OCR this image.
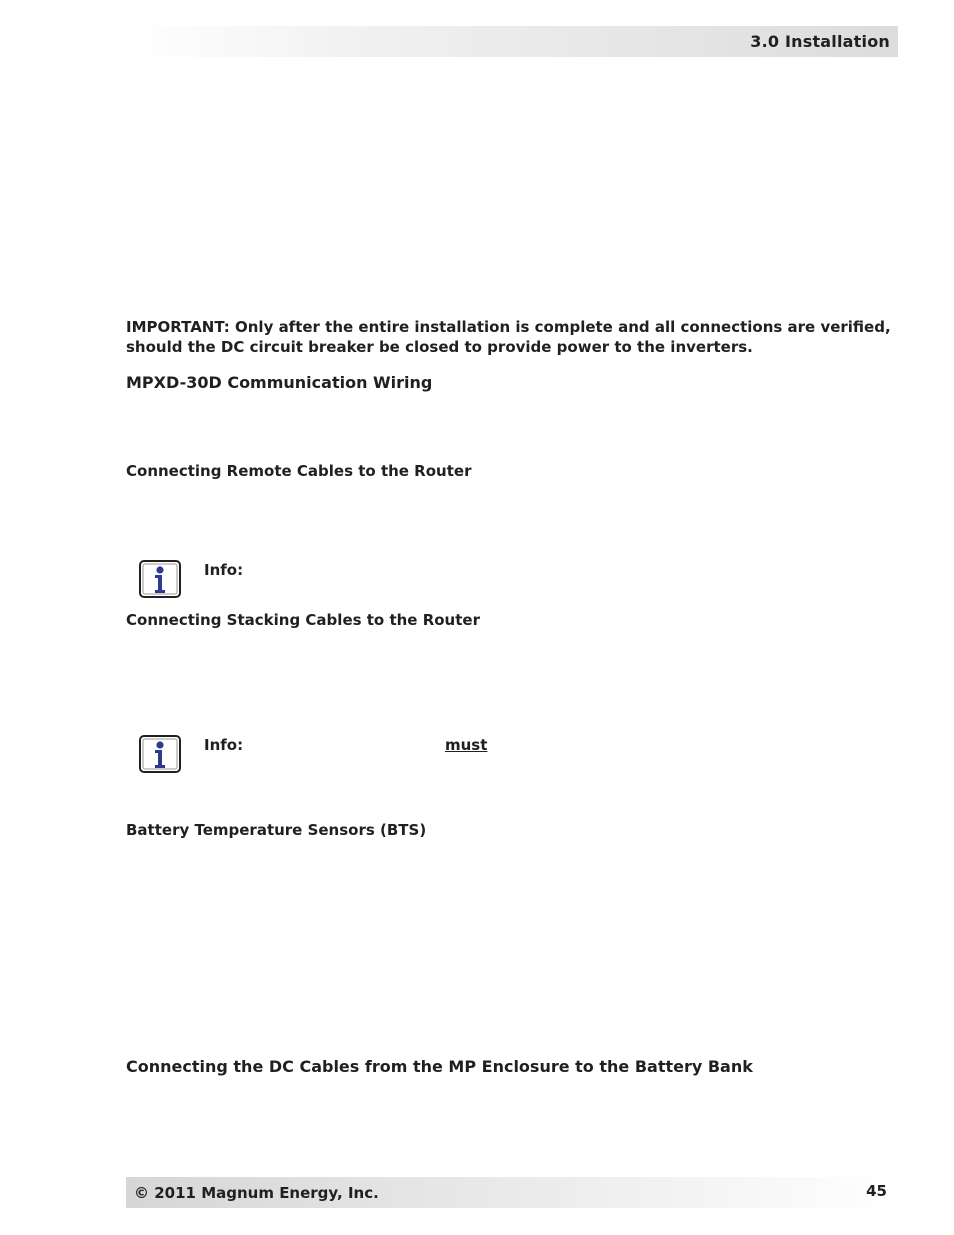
3.0 Installation
IMPORTANT: Only after the entire installation is complete and all connections are verified, should the DC circuit breaker be closed to provide power to the inverters.
MPXD-30D Communication Wiring
Connecting Remote Cables to the Router
Info:
Connecting Stacking Cables to the Router
Info:	must
Battery Temperature Sensors (BTS)
Connecting the DC Cables from the MP Enclosure to the Battery Bank
© 2011 Magnum Energy, Inc.	45
